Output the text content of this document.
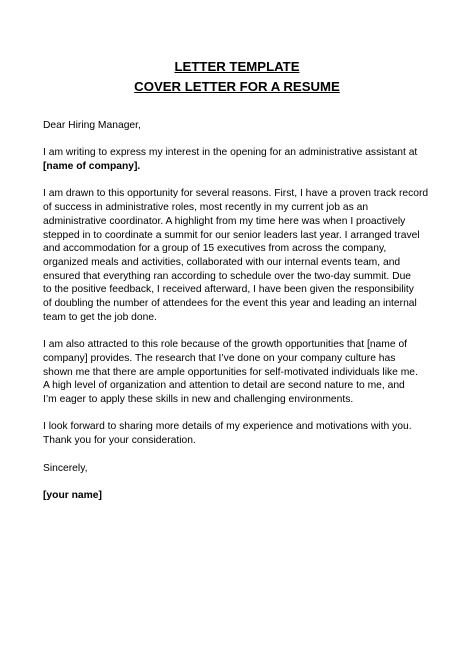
LETTER TEMPLATE
COVER LETTER FOR A RESUME

Dear Hiring Manager,

I am writing to express my interest in the opening for an administrative assistant at
[name of company].
I am drawn to this opportunity for several reasons. First, I have a proven track record
of success in administrative roles, most recently in my current job as an
administrative coordinator. A highlight from my time here was when I proactively
stepped in to coordinate a summit for our senior leaders last year. I arranged travel
and accommodation for a group of 15 executives from across the company,
organized meals and activities, collaborated with our internal events team, and
ensured that everything ran according to schedule over the two-day summit. Due
to the positive feedback, I received afterward, I have been given the responsibility
of doubling the number of attendees for the event this year and leading an internal
team to get the job done.
I am also attracted to this role because of the growth opportunities that [name of
company] provides. The research that I’ve done on your company culture has
shown me that there are ample opportunities for self-motivated individuals like me.
A high level of organization and attention to detail are second nature to me, and
I’m eager to apply these skills in new and challenging environments.
I look forward to sharing more details of my experience and motivations with you.
Thank you for your consideration.

Sincerely,

[your name]
